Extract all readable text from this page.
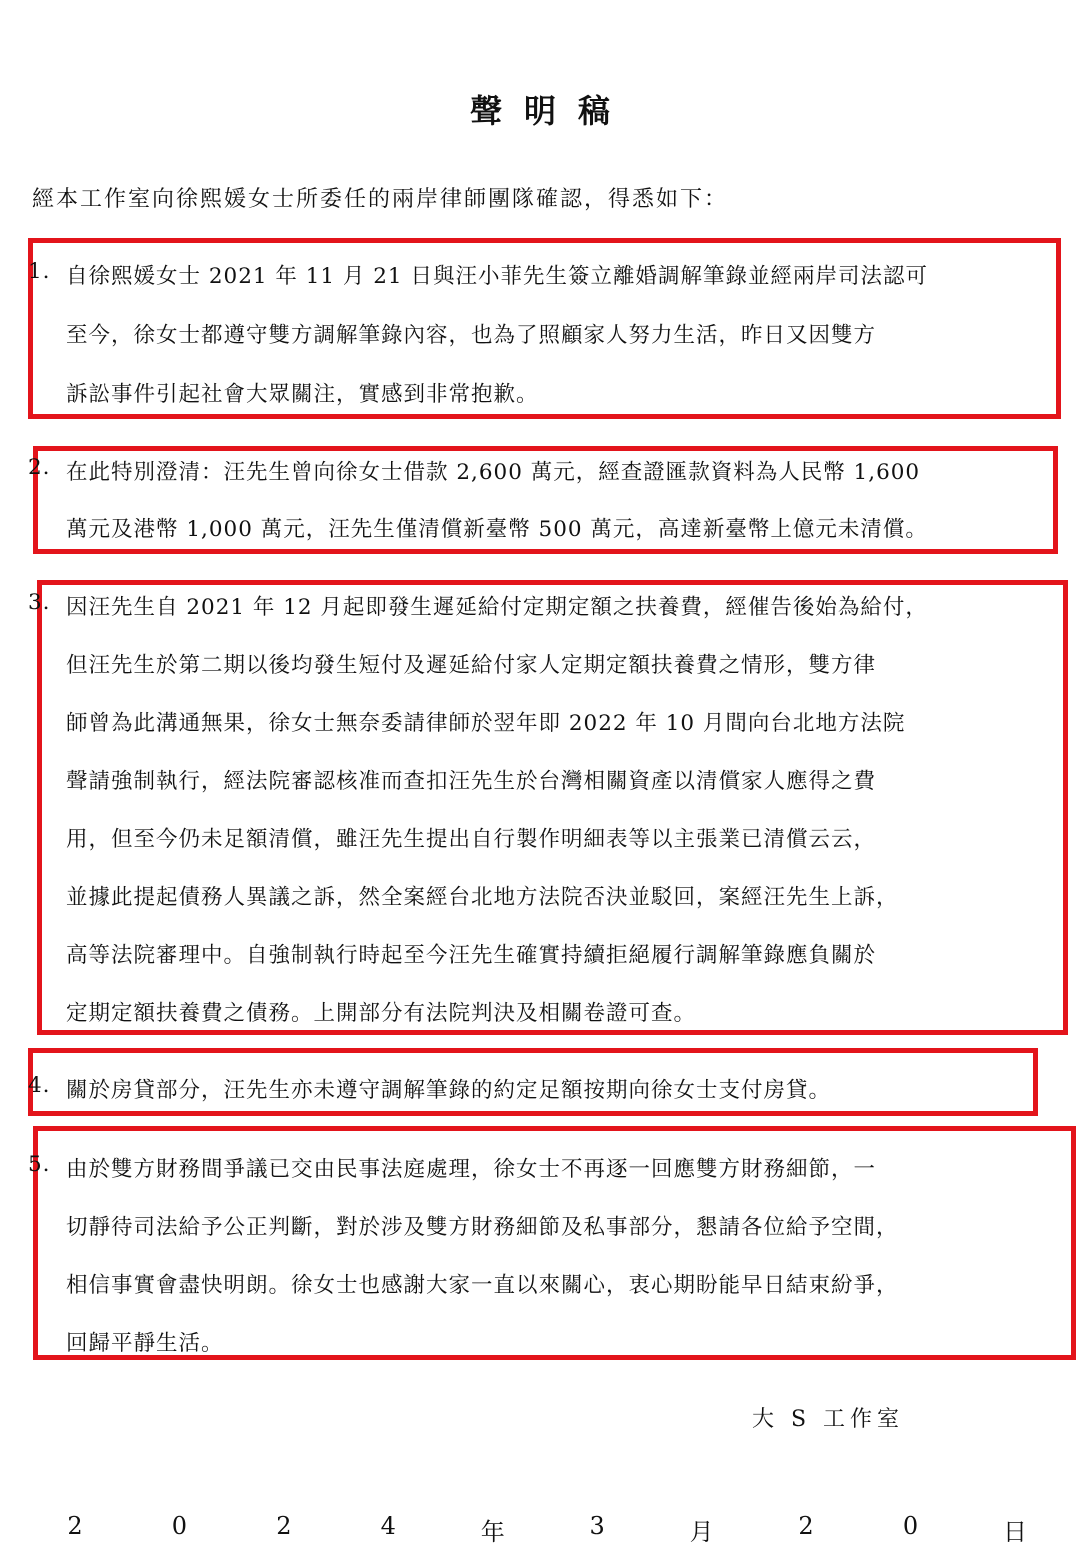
聲明稿
經本工作室向徐熙媛女士所委任的兩岸律師團隊確認，得悉如下：
1. 自徐熙媛女士 2021 年 11 月 21 日與汪小菲先生簽立離婚調解筆錄並經兩岸司法認可
至今，徐女士都遵守雙方調解筆錄內容，也為了照顧家人努力生活，昨日又因雙方
訴訟事件引起社會大眾關注，實感到非常抱歉。
2. 在此特別澄清：汪先生曾向徐女士借款 2,600 萬元，經查證匯款資料為人民幣 1,600
萬元及港幣 1,000 萬元，汪先生僅清償新臺幣 500 萬元，高達新臺幣上億元未清償。
3. 因汪先生自 2021 年 12 月起即發生遲延給付定期定額之扶養費，經催告後始為給付，
但汪先生於第二期以後均發生短付及遲延給付家人定期定額扶養費之情形，雙方律
師曾為此溝通無果，徐女士無奈委請律師於翌年即 2022 年 10 月間向台北地方法院
聲請強制執行，經法院審認核准而查扣汪先生於台灣相關資產以清償家人應得之費
用，但至今仍未足額清償，雖汪先生提出自行製作明細表等以主張業已清償云云，
並據此提起債務人異議之訴，然全案經台北地方法院否決並駁回，案經汪先生上訴，
高等法院審理中。自強制執行時起至今汪先生確實持續拒絕履行調解筆錄應負關於
定期定額扶養費之債務。上開部分有法院判決及相關卷證可查。
4. 關於房貸部分，汪先生亦未遵守調解筆錄的約定足額按期向徐女士支付房貸。
5. 由於雙方財務間爭議已交由民事法庭處理，徐女士不再逐一回應雙方財務細節，一
切靜待司法給予公正判斷，對於涉及雙方財務細節及私事部分，懇請各位給予空間，
相信事實會盡快明朗。徐女士也感謝大家一直以來關心，衷心期盼能早日結束紛爭，
回歸平靜生活。
大 S 工作室
2	0	2	4	年	3	月	2	0	日
